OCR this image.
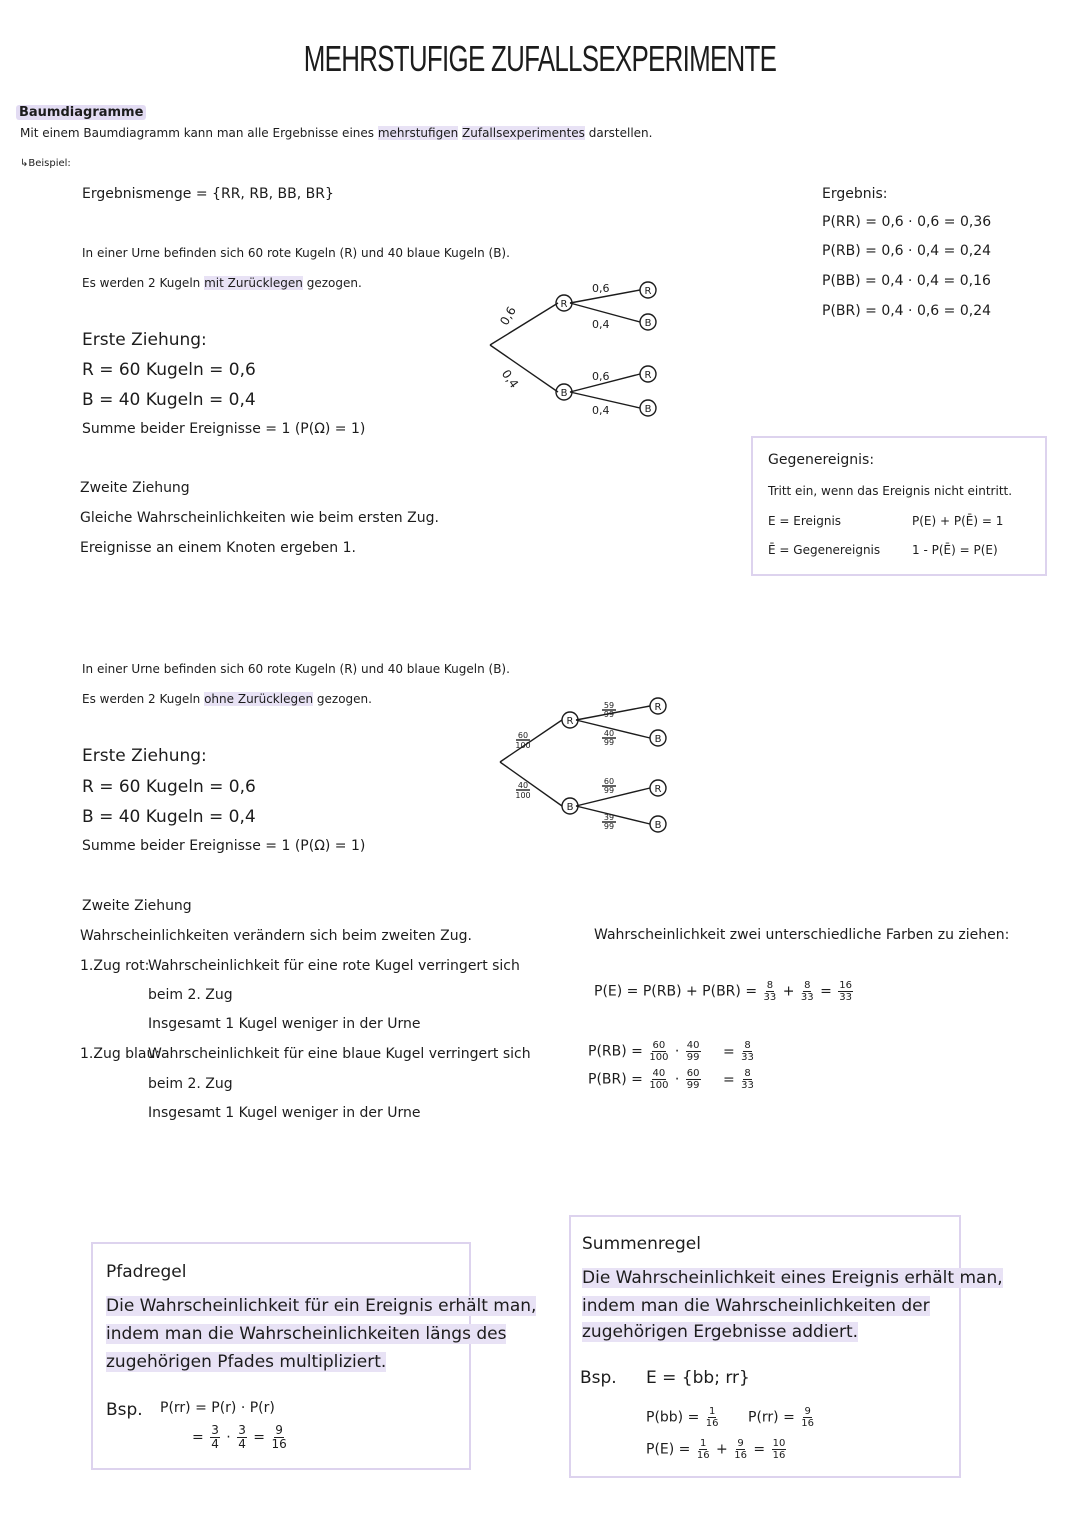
MEHRSTUFIGE ZUFALLSEXPERIMENTE
Baumdiagramme
Mit einem Baumdiagramm kann man alle Ergebnisse eines mehrstufigen Zufallsexperimentes darstellen.
↳Beispiel:
Ergebnismenge = {RR, RB, BB, BR}
In einer Urne befinden sich 60 rote Kugeln (R) und 40 blaue Kugeln (B).
Es werden 2 Kugeln mit Zurücklegen gezogen.
Erste Ziehung:
R = 60 Kugeln = 0,6
B = 40 Kugeln = 0,4
Summe beider Ereignisse = 1 (P(Ω) = 1)
Zweite Ziehung
Gleiche Wahrscheinlichkeiten wie beim ersten Zug.
Ereignisse an einem Knoten ergeben 1.
0,6
0,4
R
B
0,6
0,4
0,6
0,4
R
B
R
B
Ergebnis:
P(RR) = 0,6 · 0,6 = 0,36
P(RB) = 0,6 · 0,4 = 0,24
P(BB) = 0,4 · 0,4 = 0,16
P(BR) = 0,4 · 0,6 = 0,24
Gegenereignis:
Tritt ein, wenn das Ereignis nicht eintritt.
E = Ereignis	P(E) + P(Ē) = 1
Ē = Gegenereignis	1 - P(Ē) = P(E)
In einer Urne befinden sich 60 rote Kugeln (R) und 40 blaue Kugeln (B).
Es werden 2 Kugeln ohne Zurücklegen gezogen.
Erste Ziehung:
R = 60 Kugeln = 0,6
B = 40 Kugeln = 0,4
Summe beider Ereignisse = 1 (P(Ω) = 1)
Zweite Ziehung
Wahrscheinlichkeiten verändern sich beim zweiten Zug.
1.Zug rot:
Wahrscheinlichkeit für eine rote Kugel verringert sich
beim 2. Zug
Insgesamt 1 Kugel weniger in der Urne
1.Zug blau:
Wahrscheinlichkeit für eine blaue Kugel verringert sich
beim 2. Zug
Insgesamt 1 Kugel weniger in der Urne
60
100
40
100
R
B
59
99
40
99
60
99
39
99
R
B
R
B
Wahrscheinlichkeit zwei unterschiedliche Farben zu ziehen:
$P(E) = P(RB) + P(BR) = \frac{8}{33} + \frac{8}{33} = \frac{16}{33}$
$P(RB) = \frac{60}{100} \cdot \frac{40}{99} = \frac{8}{33}$
$P(BR) = \frac{40}{100} \cdot \frac{60}{99} = \frac{8}{33}$
Pfadregel
Die Wahrscheinlichkeit für ein Ereignis erhält man,
indem man die Wahrscheinlichkeiten längs des
zugehörigen Pfades multipliziert.
Bsp. P(rr) = P(r) · P(r)
= $\frac{3}{4} \cdot \frac{3}{4} = \frac{9}{16}$
Summenregel
Die Wahrscheinlichkeit eines Ereignis erhält man,
indem man die Wahrscheinlichkeiten der
zugehörigen Ergebnisse addiert.
Bsp. E = {bb; rr}
$P(bb) = \frac{1}{16} P(rr) = \frac{9}{16}$
$P(E) = \frac{1}{16} + \frac{9}{16} = \frac{10}{16}$
